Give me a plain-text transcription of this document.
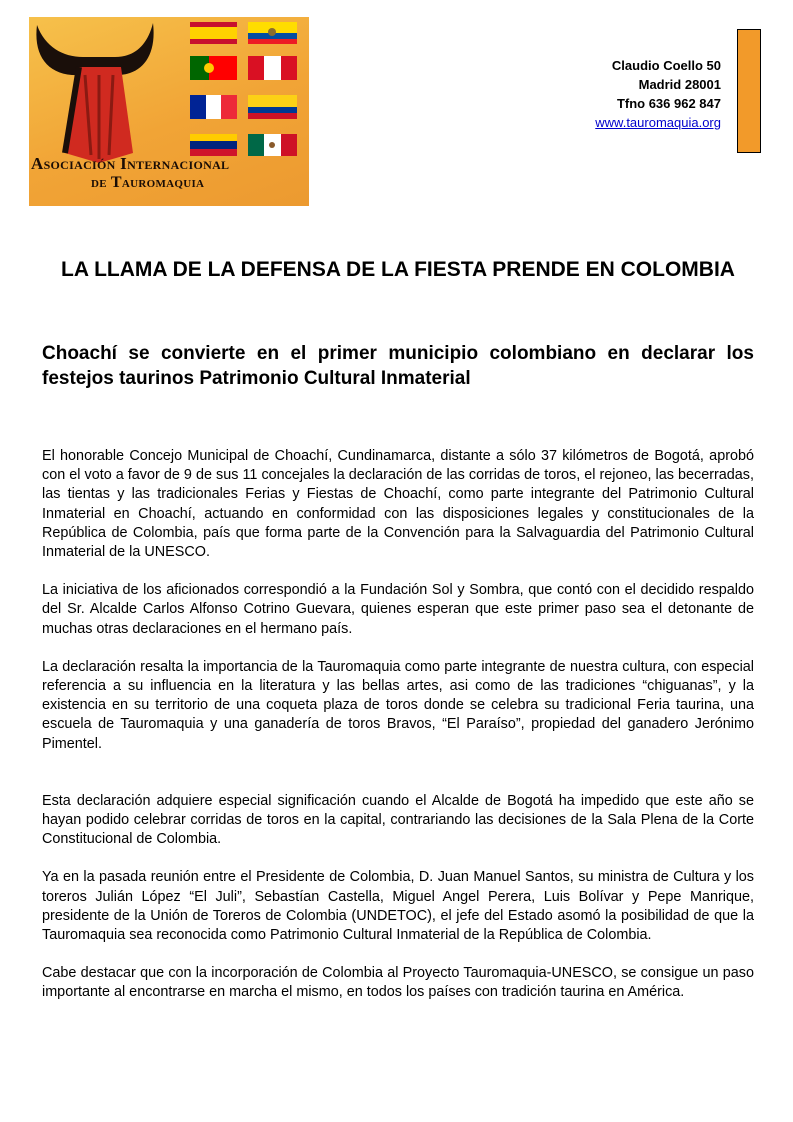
Asociación Internacional
de Tauromaquia
Claudio Coello 50
Madrid 28001
Tfno 636 962 847
www.tauromaquia.org
LA LLAMA DE LA DEFENSA DE LA FIESTA PRENDE EN COLOMBIA
Choachí se convierte en el primer municipio colombiano en declarar los festejos taurinos Patrimonio Cultural Inmaterial

El honorable Concejo Municipal de Choachí, Cundinamarca, distante a sólo 37 kilómetros de Bogotá, aprobó con el voto a favor de 9 de sus 11 concejales la declaración de las corridas de toros, el rejoneo, las becerradas, las tientas y las tradicionales Ferias y Fiestas de Choachí, como parte integrante del Patrimonio Cultural Inmaterial en Choachí, actuando en conformidad con las disposiciones legales y constitucionales de la República de Colombia, país que forma parte de la Convención para la Salvaguardia del Patrimonio Cultural Inmaterial de la UNESCO.

La iniciativa de los aficionados correspondió a la Fundación Sol y Sombra, que contó con el decidido respaldo del Sr. Alcalde Carlos Alfonso Cotrino Guevara, quienes esperan que este primer paso sea el detonante de muchas otras declaraciones en el hermano país.

La declaración resalta la importancia de la Tauromaquia como parte integrante de nuestra cultura, con especial referencia a su influencia en la literatura y las bellas artes, asi como de las tradiciones “chiguanas”, y la existencia en su territorio de una coqueta plaza de toros donde se celebra su tradicional Feria taurina, una escuela de Tauromaquia y una ganadería de toros Bravos, “El Paraíso”, propiedad del ganadero Jerónimo Pimentel.

Esta declaración adquiere especial significación cuando el Alcalde de Bogotá ha impedido que este año se hayan podido celebrar corridas de toros en la capital, contrariando las decisiones de la Sala Plena de la Corte Constitucional de Colombia.

Ya en la pasada reunión entre el Presidente de Colombia, D. Juan Manuel Santos, su ministra de Cultura y los toreros Julián López “El Juli”, Sebastían Castella, Miguel Angel Perera, Luis Bolívar y Pepe Manrique, presidente de la Unión de Toreros de Colombia (UNDETOC), el jefe del Estado asomó la posibilidad de que la Tauromaquia sea reconocida como Patrimonio Cultural Inmaterial de la República de Colombia.

Cabe destacar que con la incorporación de Colombia al Proyecto Tauromaquia-UNESCO, se consigue un paso importante al encontrarse en marcha el mismo, en todos los países con tradición taurina en América.
